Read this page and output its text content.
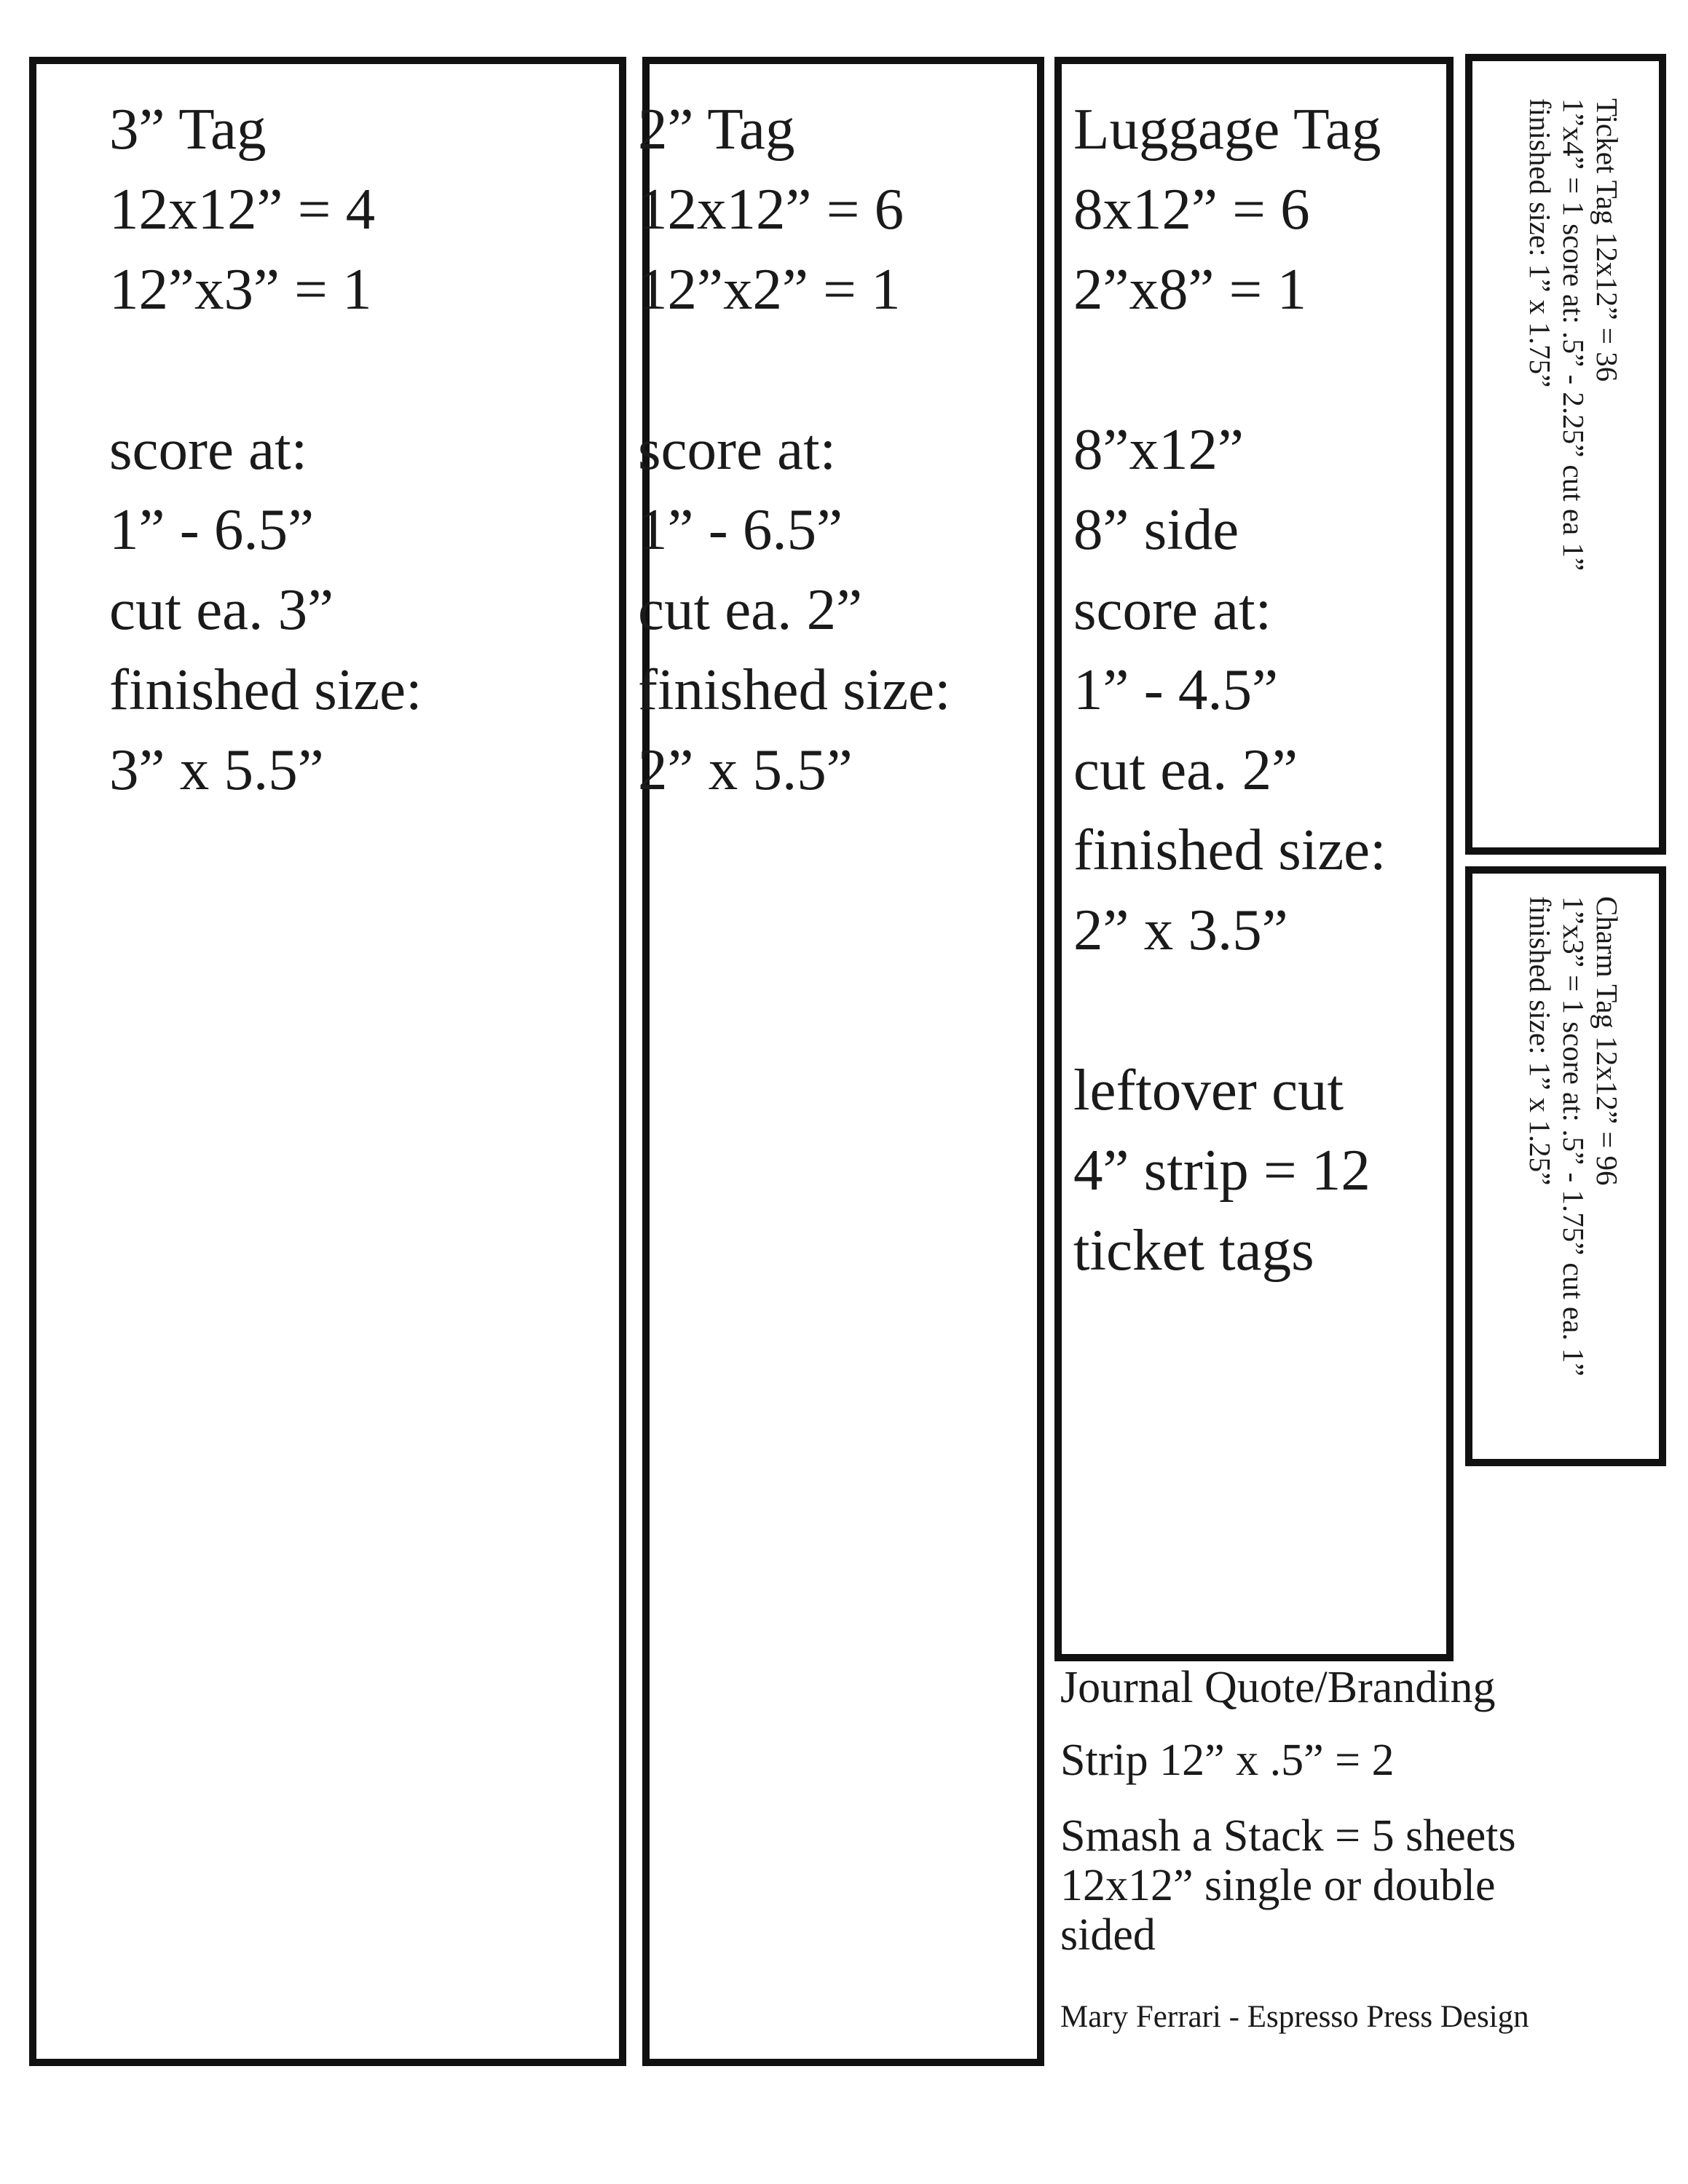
3” Tag
12x12” = 4
12”x3” = 1
score at:
1” - 6.5”
cut ea. 3”
finished size:
3” x 5.5”
2” Tag
12x12” = 6
12”x2” = 1
score at:
1” - 6.5”
cut ea. 2”
finished size:
2” x 5.5”
Luggage Tag
8x12” = 6
2”x8” = 1
8”x12”
8” side
score at:
1” - 4.5”
cut ea. 2”
finished size:
2” x 3.5”
leftover cut
4” strip = 12
ticket tags
Ticket Tag 12x12” = 36
1”x4” = 1 score at: .5” - 2.25” cut ea 1”
finished size: 1” x 1.75”
Charm Tag 12x12” = 96
1”x3” = 1 score at: .5” - 1.75” cut ea. 1”
finished size: 1” x 1.25”
Journal Quote/Branding
Strip 12” x .5” = 2
Smash a Stack = 5 sheets
12x12” single or double
sided
Mary Ferrari - Espresso Press Design
